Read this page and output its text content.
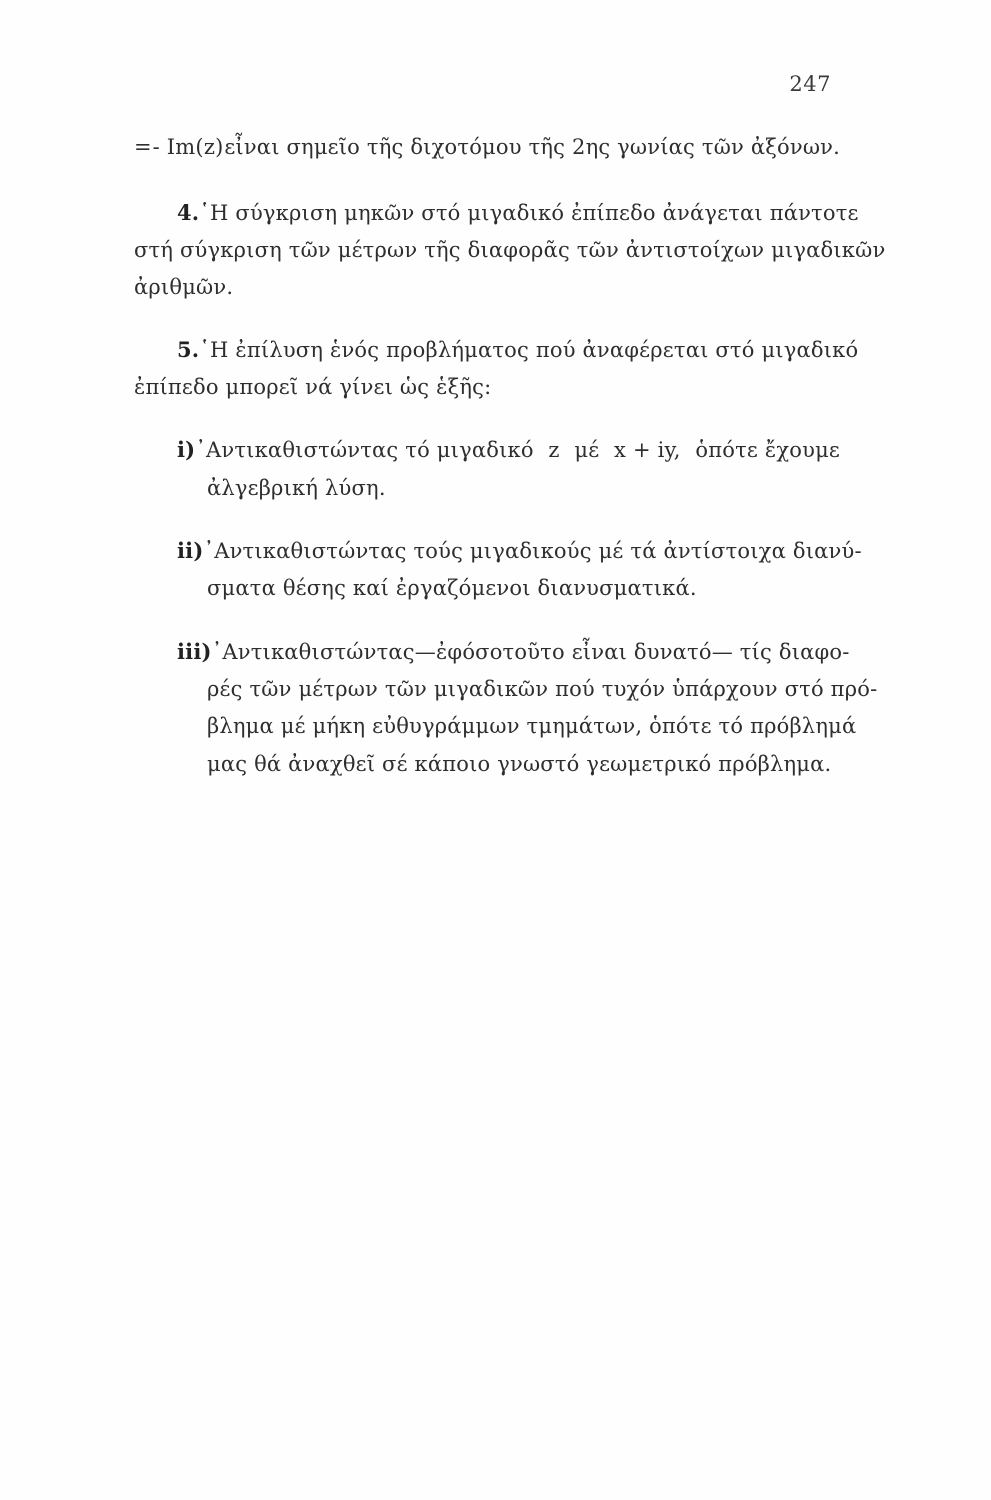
247
= - Im(z) εἶναι σημεῖο τῆς διχοτόμου τῆς 2ης γωνίας τῶν ἀξόνων.
4.῾Η σύγκριση μηκῶν στό μιγαδικό ἐπίπεδο ἀνάγεται πάντοτε
στή σύγκριση τῶν μέτρων τῆς διαφορᾶς τῶν ἀντιστοίχων μιγαδικῶν
ἀριθμῶν.
5.῾Η ἐπίλυση ἑνός προβλήματος πού ἀναφέρεται στό μιγαδικό
ἐπίπεδο μπορεῖ νά γίνει ὡς ἑξῆς:
i)᾿Αντικαθιστώντας τό μιγαδικό z μέ x + iy, ὁπότε ἔχουμε
ἀλγεβρική λύση.
ii)᾿Αντικαθιστώντας τούς μιγαδικούς μέ τά ἀντίστοιχα διανύ-
σματα θέσης καί ἐργαζόμενοι διανυσματικά.
iii)᾿Αντικαθιστώντας —ἐφόσο τοῦτο εἶναι δυνατό— τίς διαφο-
ρές τῶν μέτρων τῶν μιγαδικῶν πού τυχόν ὑπάρχουν στό πρό-
βλημα μέ μήκη εὐθυγράμμων τμημάτων, ὁπότε τό πρόβλημά
μας θά ἀναχθεῖ σέ κάποιο γνωστό γεωμετρικό πρόβλημα.
